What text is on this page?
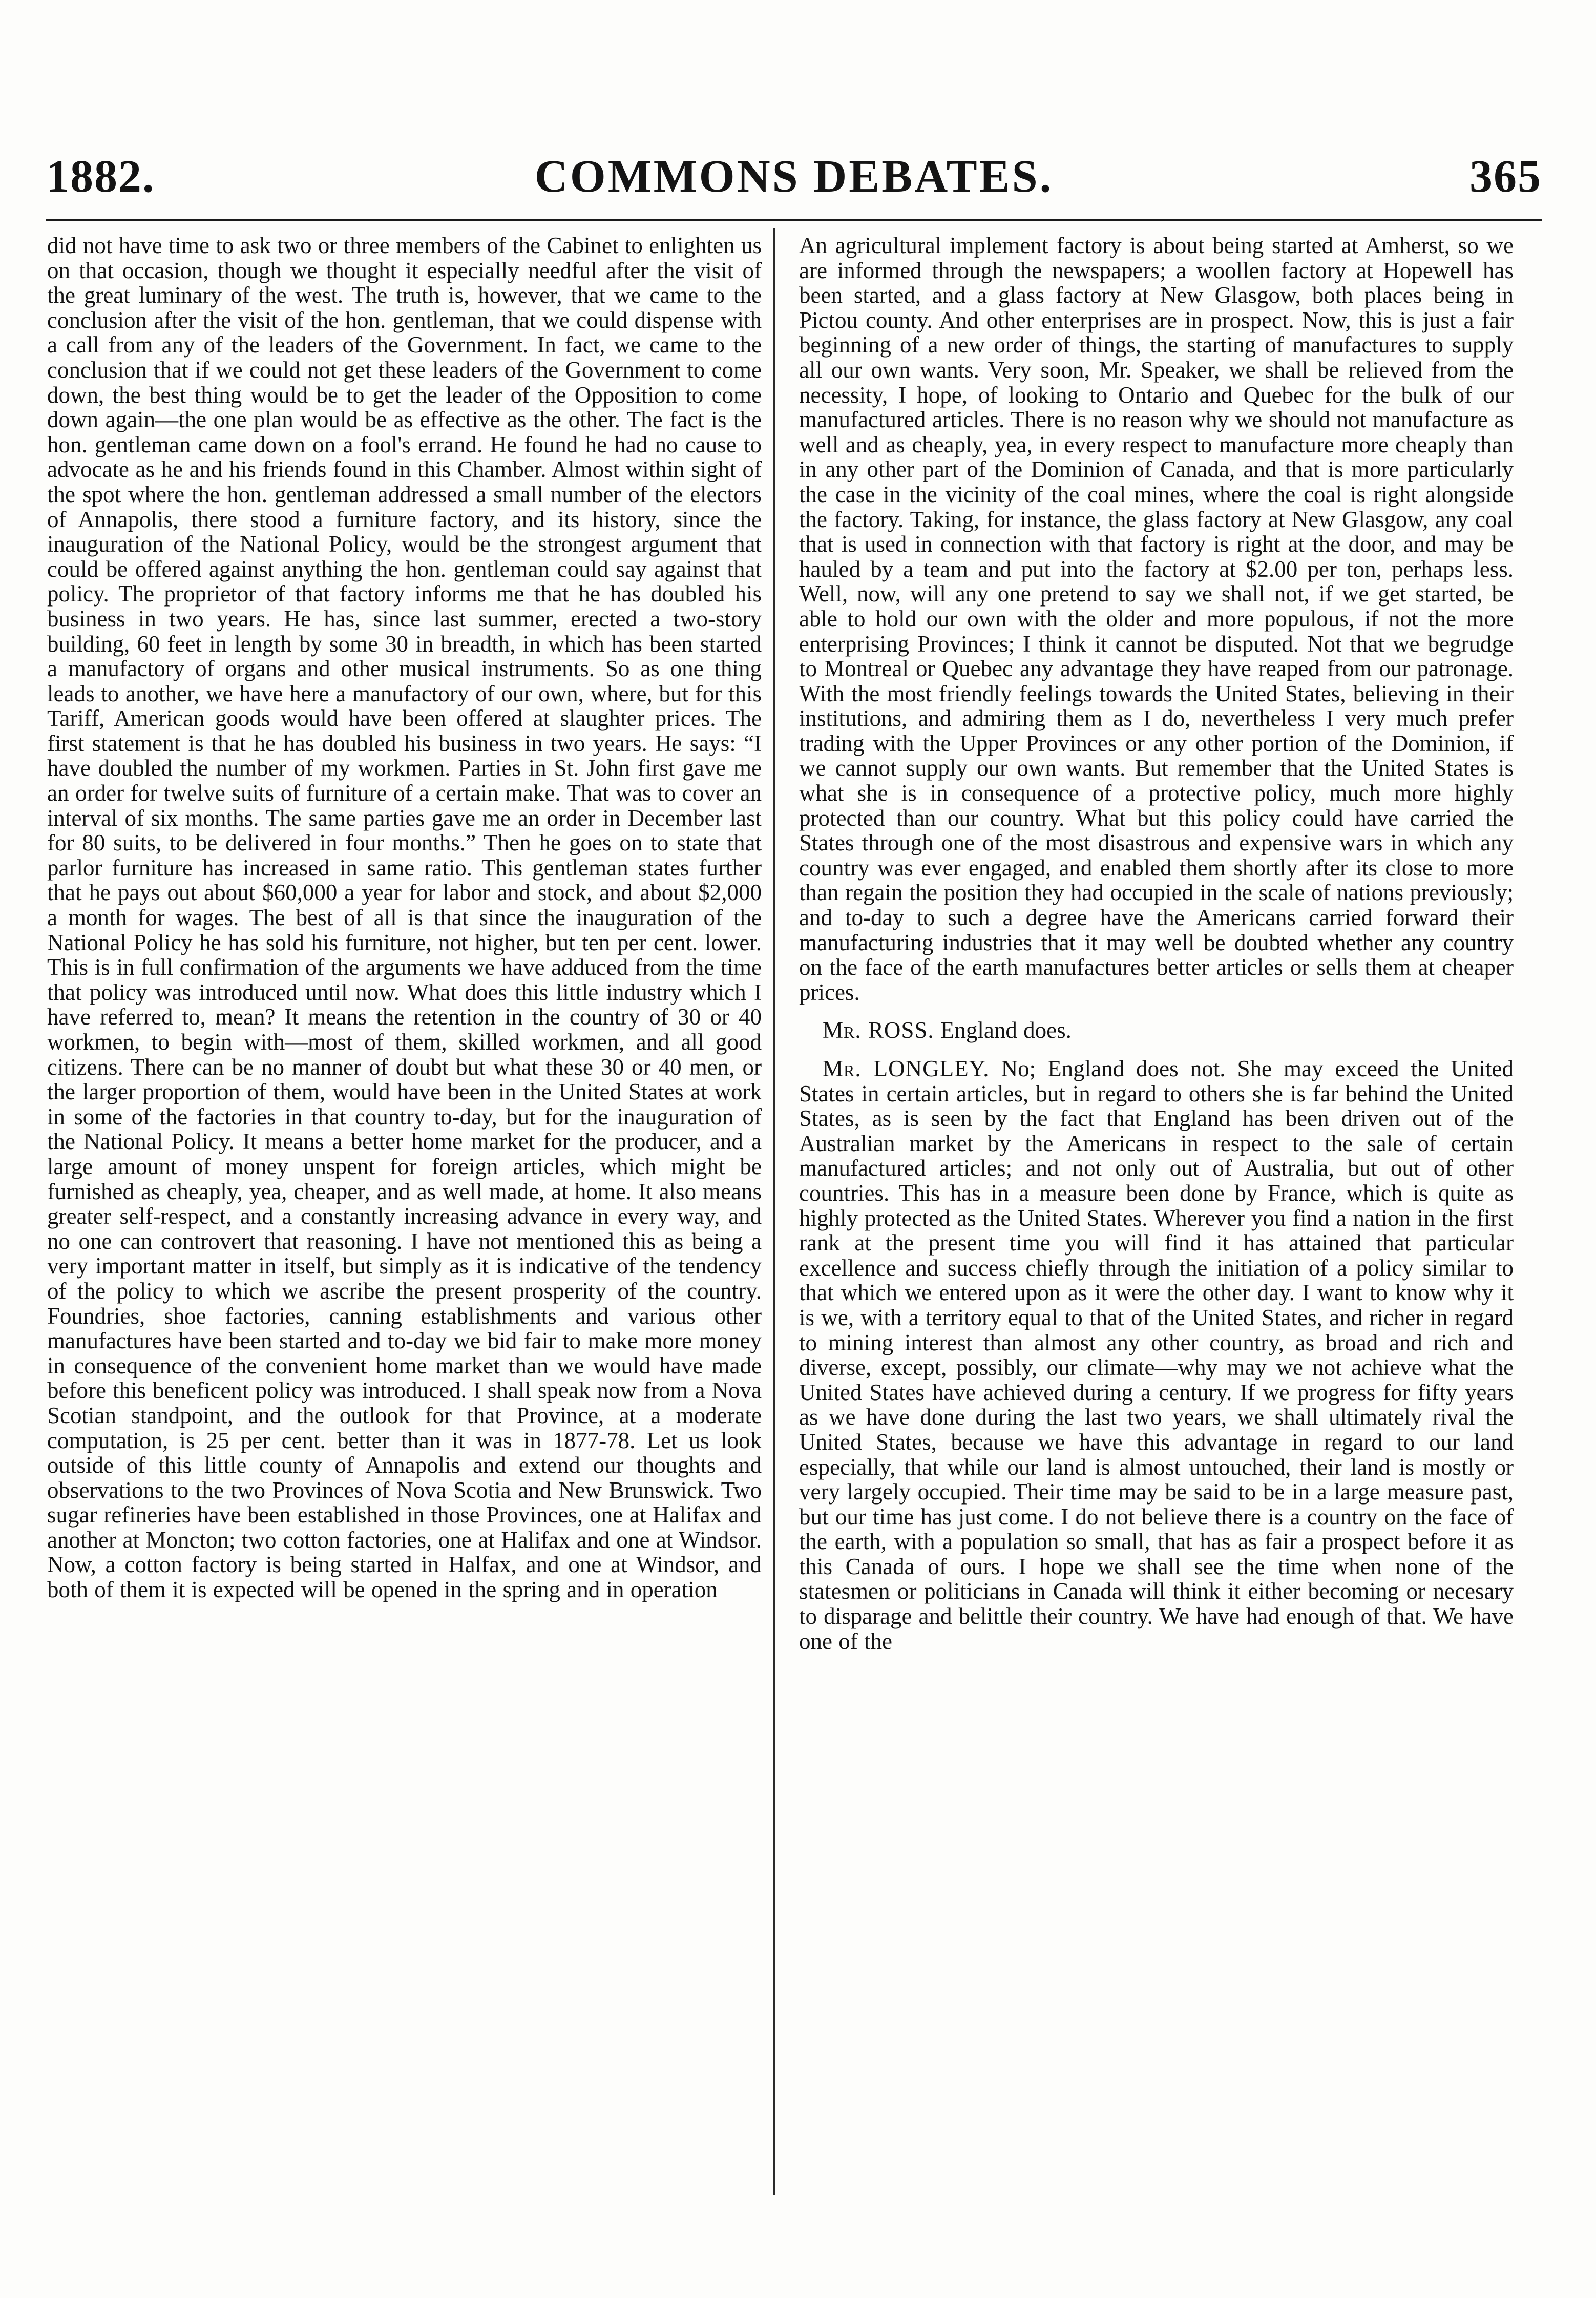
1882.	COMMONS DEBATES.	365

did not have time to ask two or three members of the Cabinet to enlighten us on that occasion, though we thought it especially needful after the visit of the great luminary of the west. The truth is, however, that we came to the conclusion after the visit of the hon. gentleman, that we could dispense with a call from any of the leaders of the Government. In fact, we came to the conclusion that if we could not get these leaders of the Government to come down, the best thing would be to get the leader of the Opposition to come down again—the one plan would be as effective as the other. The fact is the hon. gentleman came down on a fool's errand. He found he had no cause to advocate as he and his friends found in this Chamber. Almost within sight of the spot where the hon. gentleman addressed a small number of the electors of Annapolis, there stood a furniture factory, and its history, since the inauguration of the National Policy, would be the strongest argument that could be offered against anything the hon. gentleman could say against that policy. The proprietor of that factory informs me that he has doubled his business in two years. He has, since last summer, erected a two-story building, 60 feet in length by some 30 in breadth, in which has been started a manufactory of organs and other musical instruments. So as one thing leads to another, we have here a manufactory of our own, where, but for this Tariff, American goods would have been offered at slaughter prices. The first statement is that he has doubled his business in two years. He says: “I have doubled the number of my workmen. Parties in St. John first gave me an order for twelve suits of furniture of a certain make. That was to cover an interval of six months. The same parties gave me an order in December last for 80 suits, to be delivered in four months.” Then he goes on to state that parlor furniture has increased in same ratio. This gentleman states further that he pays out about $60,000 a year for labor and stock, and about $2,000 a month for wages. The best of all is that since the inauguration of the National Policy he has sold his furniture, not higher, but ten per cent. lower. This is in full confirmation of the arguments we have adduced from the time that policy was introduced until now. What does this little industry which I have referred to, mean? It means the retention in the country of 30 or 40 workmen, to begin with—most of them, skilled workmen, and all good citizens. There can be no manner of doubt but what these 30 or 40 men, or the larger proportion of them, would have been in the United States at work in some of the factories in that country to-day, but for the inauguration of the National Policy. It means a better home market for the producer, and a large amount of money unspent for foreign articles, which might be furnished as cheaply, yea, cheaper, and as well made, at home. It also means greater self-respect, and a constantly increasing advance in every way, and no one can controvert that reasoning. I have not mentioned this as being a very important matter in itself, but simply as it is indicative of the tendency of the policy to which we ascribe the present prosperity of the country. Foundries, shoe factories, canning establishments and various other manufactures have been started and to-day we bid fair to make more money in consequence of the convenient home market than we would have made before this beneficent policy was introduced. I shall speak now from a Nova Scotian standpoint, and the outlook for that Province, at a moderate computation, is 25 per cent. better than it was in 1877-78. Let us look outside of this little county of Annapolis and extend our thoughts and observations to the two Provinces of Nova Scotia and New Brunswick. Two sugar refineries have been established in those Provinces, one at Halifax and another at Moncton; two cotton factories, one at Halifax and one at Windsor. Now, a cotton factory is being started in Halfax, and one at Windsor, and both of them it is expected will be opened in the spring and in operation

An agricultural implement factory is about being started at Amherst, so we are informed through the newspapers; a woollen factory at Hopewell has been started, and a glass factory at New Glasgow, both places being in Pictou county. And other enterprises are in prospect. Now, this is just a fair beginning of a new order of things, the starting of manufactures to supply all our own wants. Very soon, Mr. Speaker, we shall be relieved from the necessity, I hope, of looking to Ontario and Quebec for the bulk of our manufactured articles. There is no reason why we should not manufacture as well and as cheaply, yea, in every respect to manufacture more cheaply than in any other part of the Dominion of Canada, and that is more particularly the case in the vicinity of the coal mines, where the coal is right alongside the factory. Taking, for instance, the glass factory at New Glasgow, any coal that is used in connection with that factory is right at the door, and may be hauled by a team and put into the factory at $2.00 per ton, perhaps less. Well, now, will any one pretend to say we shall not, if we get started, be able to hold our own with the older and more populous, if not the more enterprising Provinces; I think it cannot be disputed. Not that we begrudge to Montreal or Quebec any advantage they have reaped from our patronage. With the most friendly feelings towards the United States, believing in their institutions, and admiring them as I do, nevertheless I very much prefer trading with the Upper Provinces or any other portion of the Dominion, if we cannot supply our own wants. But remember that the United States is what she is in consequence of a protective policy, much more highly protected than our country. What but this policy could have carried the States through one of the most disastrous and expensive wars in which any country was ever engaged, and enabled them shortly after its close to more than regain the position they had occupied in the scale of nations previously; and to-day to such a degree have the Americans carried forward their manufacturing industries that it may well be doubted whether any country on the face of the earth manufactures better articles or sells them at cheaper prices.

Mr. ROSS. England does.

Mr. LONGLEY. No; England does not. She may exceed the United States in certain articles, but in regard to others she is far behind the United States, as is seen by the fact that England has been driven out of the Australian market by the Americans in respect to the sale of certain manufactured articles; and not only out of Australia, but out of other countries. This has in a measure been done by France, which is quite as highly protected as the United States. Wherever you find a nation in the first rank at the present time you will find it has attained that particular excellence and success chiefly through the initiation of a policy similar to that which we entered upon as it were the other day. I want to know why it is we, with a territory equal to that of the United States, and richer in regard to mining interest than almost any other country, as broad and rich and diverse, except, possibly, our climate—why may we not achieve what the United States have achieved during a century. If we progress for fifty years as we have done during the last two years, we shall ultimately rival the United States, because we have this advantage in regard to our land especially, that while our land is almost untouched, their land is mostly or very largely occupied. Their time may be said to be in a large measure past, but our time has just come. I do not believe there is a country on the face of the earth, with a population so small, that has as fair a prospect before it as this Canada of ours. I hope we shall see the time when none of the statesmen or politicians in Canada will think it either becoming or necesary to disparage and belittle their country. We have had enough of that. We have one of the
